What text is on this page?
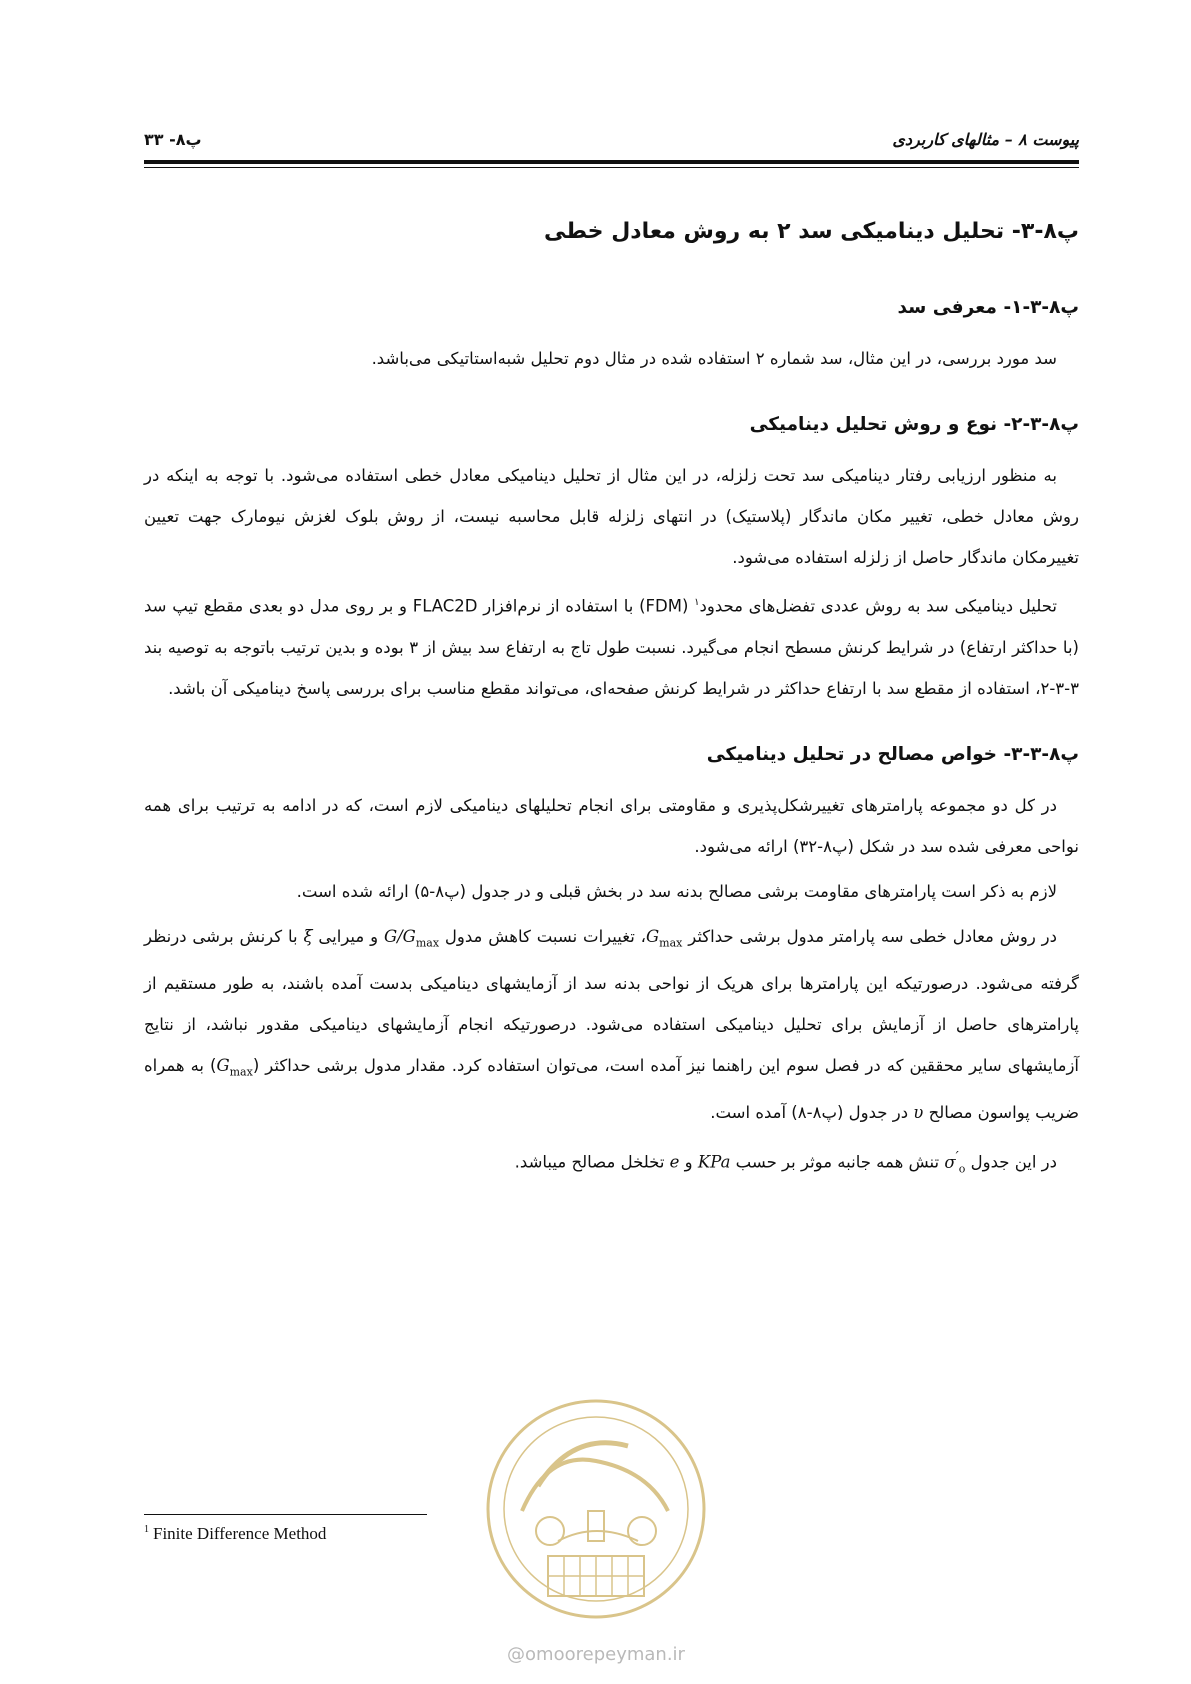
پیوست ۸ – مثالهای کاربردی
پ۸- ۳۳
پ۸-۳- تحلیل دینامیکی سد ۲ به روش معادل خطی
پ۸-۳-۱- معرفی سد

سد مورد بررسی، در این مثال، سد شماره ۲ استفاده شده در مثال دوم تحلیل شبه‌استاتیکی می‌باشد.

پ۸-۳-۲- نوع و روش تحلیل دینامیکی

به منظور ارزیابی رفتار دینامیکی سد تحت زلزله، در این مثال از تحلیل دینامیکی معادل خطی استفاده می‌شود. با توجه به اینکه در روش معادل خطی، تغییر مکان ماندگار (پلاستیک) در انتهای زلزله قابل محاسبه نیست، از روش بلوک لغزش نیومارک جهت تعیین تغییرمکان ماندگار حاصل از زلزله استفاده می‌شود.

تحلیل دینامیکی سد به روش عددی تفضل‌های محدود$^۱$ (FDM) با استفاده از نرم‌افزار FLAC2D و بر روی مدل دو بعدی مقطع تیپ سد (با حداکثر ارتفاع) در شرایط کرنش مسطح انجام می‌گیرد. نسبت طول تاج به ارتفاع سد بیش از ۳ بوده و بدین ترتیب باتوجه به توصیه بند ۳-۳-۲، استفاده از مقطع سد با ارتفاع حداکثر در شرایط کرنش صفحه‌ای، می‌تواند مقطع مناسب برای بررسی پاسخ دینامیکی آن باشد.

پ۸-۳-۳- خواص مصالح در تحلیل دینامیکی

در کل دو مجموعه پارامترهای تغییرشکل‌پذیری و مقاومتی برای انجام تحلیلهای دینامیکی لازم است، که در ادامه به ترتیب برای همه نواحی معرفی شده سد در شکل (پ۸-۳۲) ارائه می‌شود.

لازم به ذکر است پارامترهای مقاومت برشی مصالح بدنه سد در بخش قبلی و در جدول (پ۸-۵) ارائه شده است.

در روش معادل خطی سه پارامتر مدول برشی حداکثر $G_{max}،$ تغییرات نسبت کاهش مدول $G/G_{max}$ و میرایی ξ با کرنش برشی درنظر گرفته می‌شود. درصورتیکه این پارامترها برای هریک از نواحی بدنه سد از آزمایشهای دینامیکی بدست آمده باشند، به طور مستقیم از پارامترهای حاصل از آزمایش برای تحلیل دینامیکی استفاده می‌شود. درصورتیکه انجام آزمایشهای دینامیکی مقدور نباشد، از نتایج آزمایشهای سایر محققین که در فصل سوم این راهنما نیز آمده است، می‌توان استفاده کرد. مقدار مدول برشی حداکثر $(G_{max})$ به همراه ضریب پواسون مصالح υ در جدول (پ۸-۸) آمده است.

در این جدول $\sigma'_o$ تنش همه جانبه موثر بر حسب KPa و e تخلخل مصالح میباشد.

@omoorepeyman.ir
$^1$ Finite Difference Method
